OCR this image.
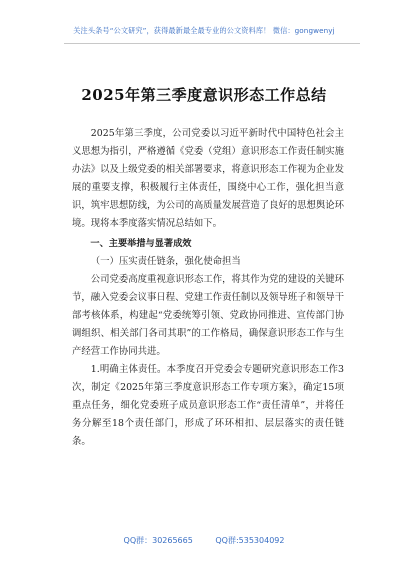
关注头条号“公文研究”，获得最新最全最专业的公文资料库！ 微信：gongwenyj
2025年第三季度意识形态工作总结

2025年第三季度，公司党委以习近平新时代中国特色社会主义思想为指引，严格遵循《党委（党组）意识形态工作责任制实施办法》以及上级党委的相关部署要求，将意识形态工作视为企业发展的重要支撑，积极履行主体责任，围绕中心工作，强化担当意识，筑牢思想防线，为公司的高质量发展营造了良好的思想舆论环境。现将本季度落实情况总结如下。

一、主要举措与显著成效

（一）压实责任链条，强化使命担当

公司党委高度重视意识形态工作，将其作为党的建设的关键环节，融入党委会议事日程、党建工作责任制以及领导班子和领导干部考核体系，构建起“党委统筹引领、党政协同推进、宣传部门协调组织、相关部门各司其职”的工作格局，确保意识形态工作与生产经营工作协同共进。

1.明确主体责任。本季度召开党委会专题研究意识形态工作3次，制定《2025年第三季度意识形态工作专项方案》，确定15项重点任务，细化党委班子成员意识形态工作“责任清单”，并将任务分解至18个责任部门，形成了环环相扣、层层落实的责任链条。

QQ群：30265665	QQ群:535304092
